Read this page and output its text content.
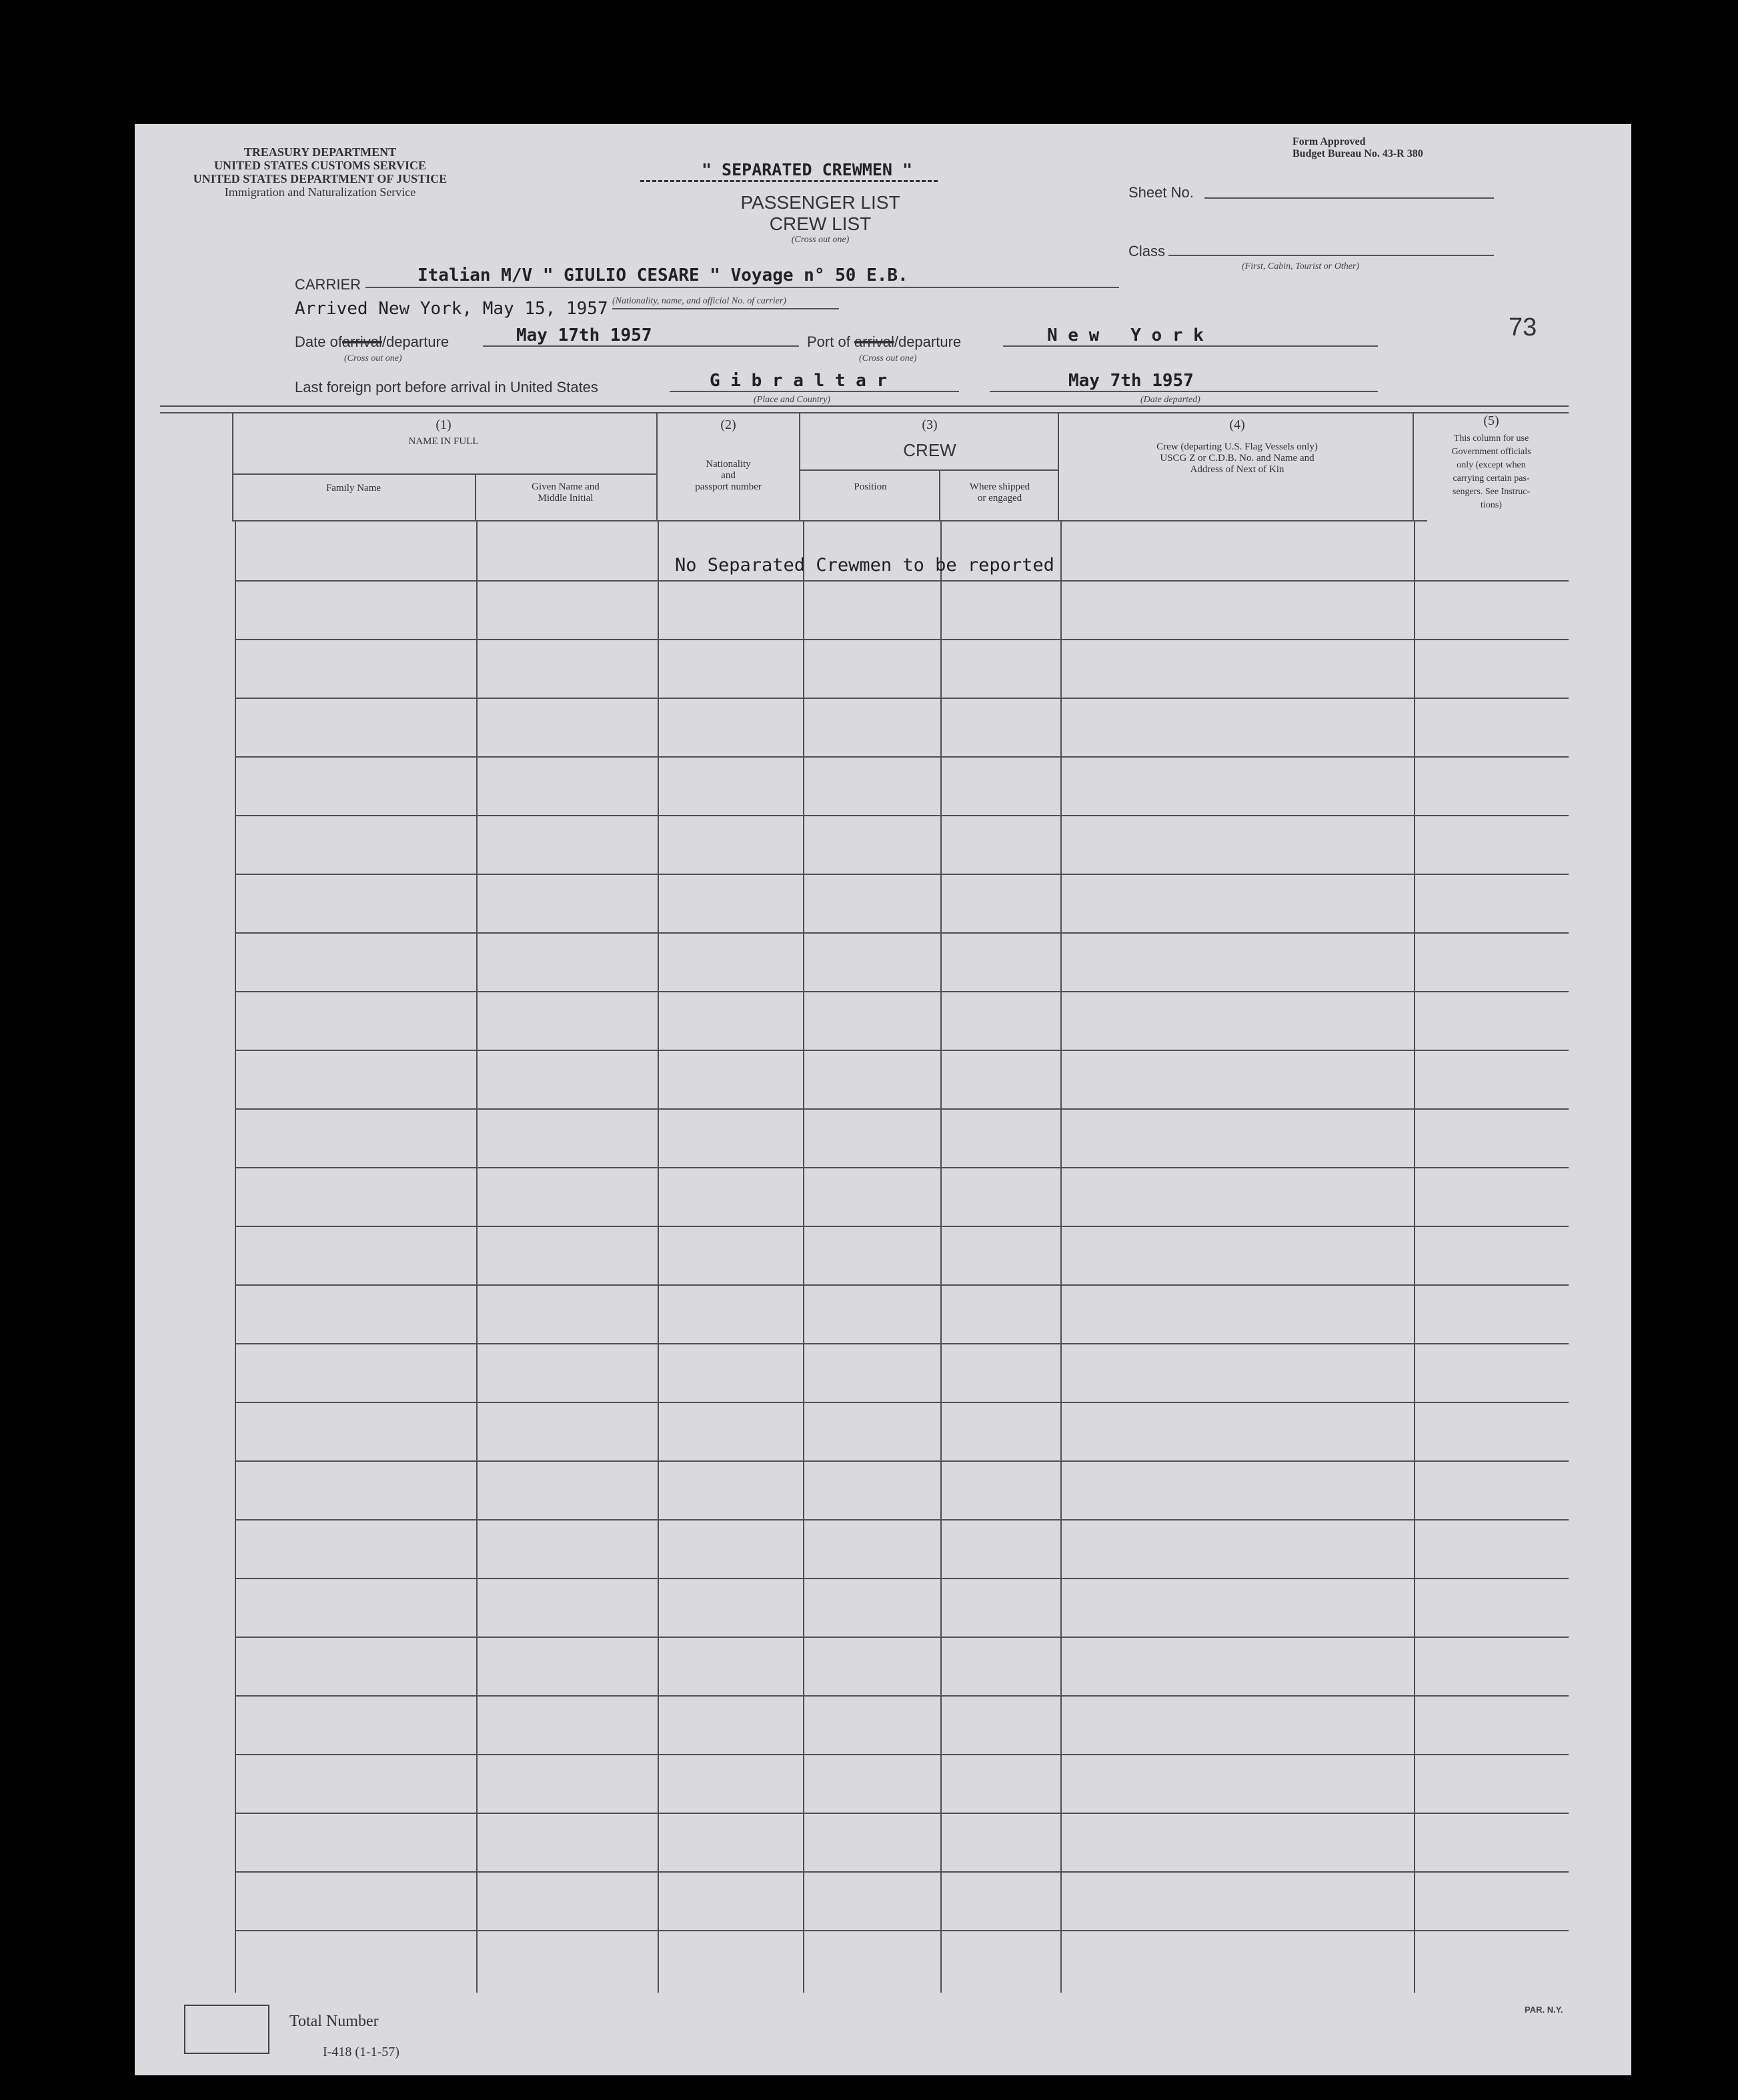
TREASURY DEPARTMENT
UNITED STATES CUSTOMS SERVICE
UNITED STATES DEPARTMENT OF JUSTICE
Immigration and Naturalization Service
Form Approved
Budget Bureau No. 43-R 380
" SEPARATED CREWMEN "
PASSENGER LIST
CREW LIST
(Cross out one)
Sheet No.
Class
(First, Cabin, Tourist or Other)
73
CARRIER	Italian M/V " GIULIO CESARE " Voyage n° 50 E.B.
Arrived New York, May 15, 1957 (Nationality, name, and official No. of carrier)
Date ofarrival/departure	May 17th 1957
(Cross out one)
Port of arrival/departure	N e w   Y o r k
(Cross out one)
Last foreign port before arrival in United States	G i b r a l t a r
(Place and Country)
May 7th 1957
(Date departed)
(1)
NAME IN FULL
Family Name	Given Name and
Middle Initial
(2)
Nationality
and
passport number
(3)
CREW
Position	Where shipped
or engaged
(4)
Crew (departing U.S. Flag Vessels only)
USCG Z or C.D.B. No. and Name and
Address of Next of Kin
(5)
This column for use
Government officials
only (except when
carrying certain pas-
sengers. See Instruc-
tions)
No Separated Crewmen to be reported
Total Number
I-418 (1-1-57)
PAR. N.Y.
